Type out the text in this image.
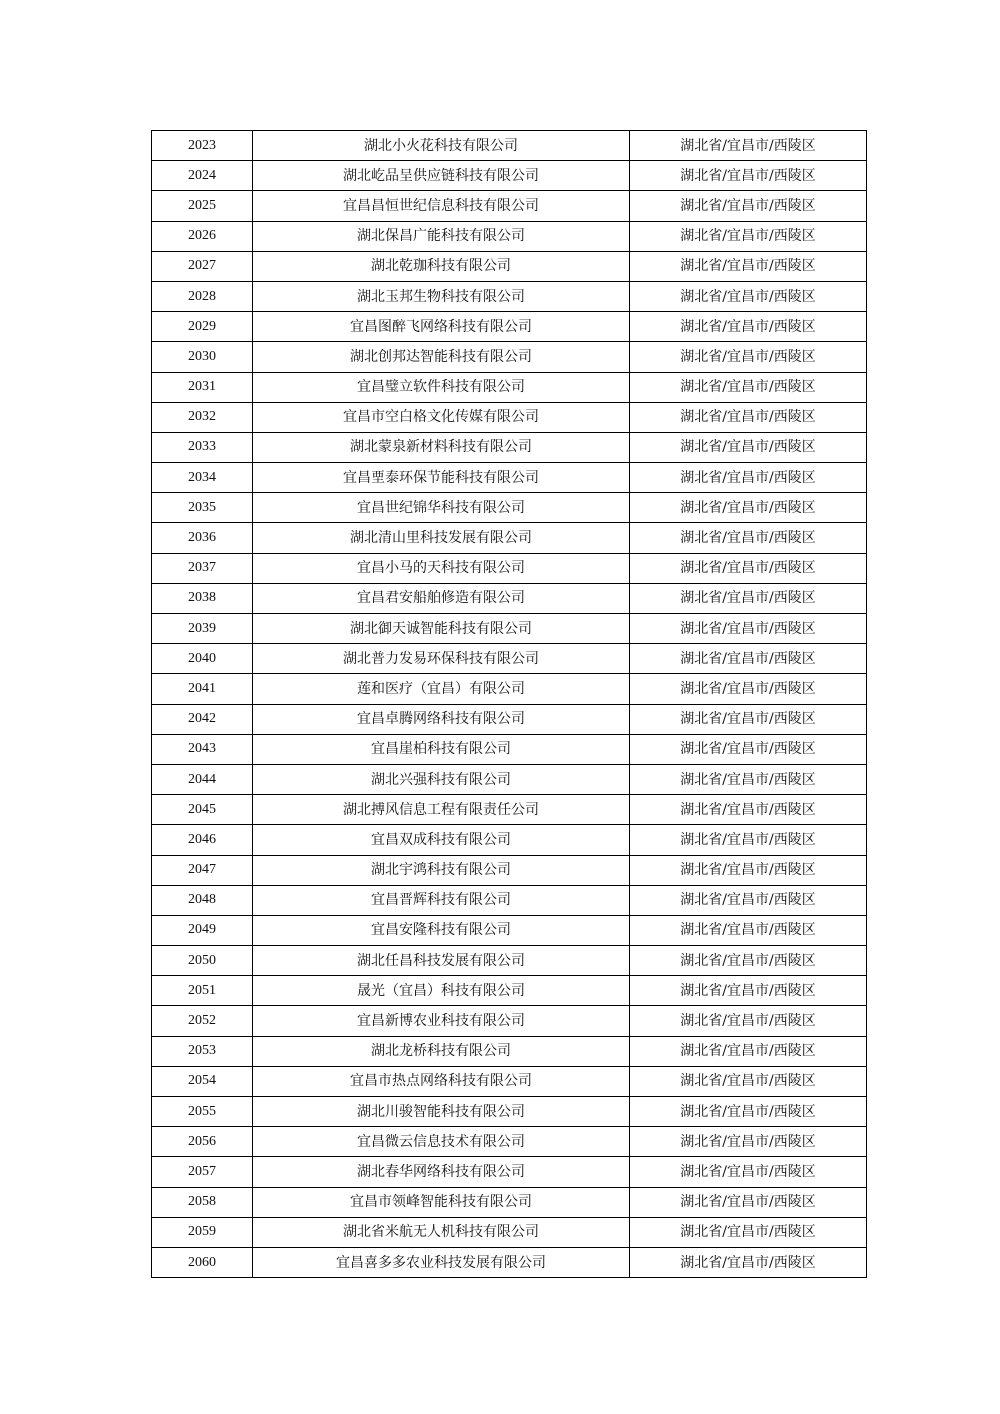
2023	湖北小火花科技有限公司	湖北省/宜昌市/西陵区
2024	湖北屹品呈供应链科技有限公司	湖北省/宜昌市/西陵区
2025	宜昌昌恒世纪信息科技有限公司	湖北省/宜昌市/西陵区
2026	湖北保昌广能科技有限公司	湖北省/宜昌市/西陵区
2027	湖北乾珈科技有限公司	湖北省/宜昌市/西陵区
2028	湖北玉邦生物科技有限公司	湖北省/宜昌市/西陵区
2029	宜昌图醉飞网络科技有限公司	湖北省/宜昌市/西陵区
2030	湖北创邦达智能科技有限公司	湖北省/宜昌市/西陵区
2031	宜昌璧立软件科技有限公司	湖北省/宜昌市/西陵区
2032	宜昌市空白格文化传媒有限公司	湖北省/宜昌市/西陵区
2033	湖北蒙泉新材料科技有限公司	湖北省/宜昌市/西陵区
2034	宜昌垔泰环保节能科技有限公司	湖北省/宜昌市/西陵区
2035	宜昌世纪锦华科技有限公司	湖北省/宜昌市/西陵区
2036	湖北清山里科技发展有限公司	湖北省/宜昌市/西陵区
2037	宜昌小马的天科技有限公司	湖北省/宜昌市/西陵区
2038	宜昌君安船舶修造有限公司	湖北省/宜昌市/西陵区
2039	湖北御天诚智能科技有限公司	湖北省/宜昌市/西陵区
2040	湖北普力发易环保科技有限公司	湖北省/宜昌市/西陵区
2041	莲和医疗（宜昌）有限公司	湖北省/宜昌市/西陵区
2042	宜昌卓腾网络科技有限公司	湖北省/宜昌市/西陵区
2043	宜昌崖柏科技有限公司	湖北省/宜昌市/西陵区
2044	湖北兴强科技有限公司	湖北省/宜昌市/西陵区
2045	湖北搏风信息工程有限责任公司	湖北省/宜昌市/西陵区
2046	宜昌双成科技有限公司	湖北省/宜昌市/西陵区
2047	湖北宇鸿科技有限公司	湖北省/宜昌市/西陵区
2048	宜昌晋辉科技有限公司	湖北省/宜昌市/西陵区
2049	宜昌安隆科技有限公司	湖北省/宜昌市/西陵区
2050	湖北任昌科技发展有限公司	湖北省/宜昌市/西陵区
2051	晟光（宜昌）科技有限公司	湖北省/宜昌市/西陵区
2052	宜昌新博农业科技有限公司	湖北省/宜昌市/西陵区
2053	湖北龙桥科技有限公司	湖北省/宜昌市/西陵区
2054	宜昌市热点网络科技有限公司	湖北省/宜昌市/西陵区
2055	湖北川骏智能科技有限公司	湖北省/宜昌市/西陵区
2056	宜昌微云信息技术有限公司	湖北省/宜昌市/西陵区
2057	湖北春华网络科技有限公司	湖北省/宜昌市/西陵区
2058	宜昌市领峰智能科技有限公司	湖北省/宜昌市/西陵区
2059	湖北省米航无人机科技有限公司	湖北省/宜昌市/西陵区
2060	宜昌喜多多农业科技发展有限公司	湖北省/宜昌市/西陵区
